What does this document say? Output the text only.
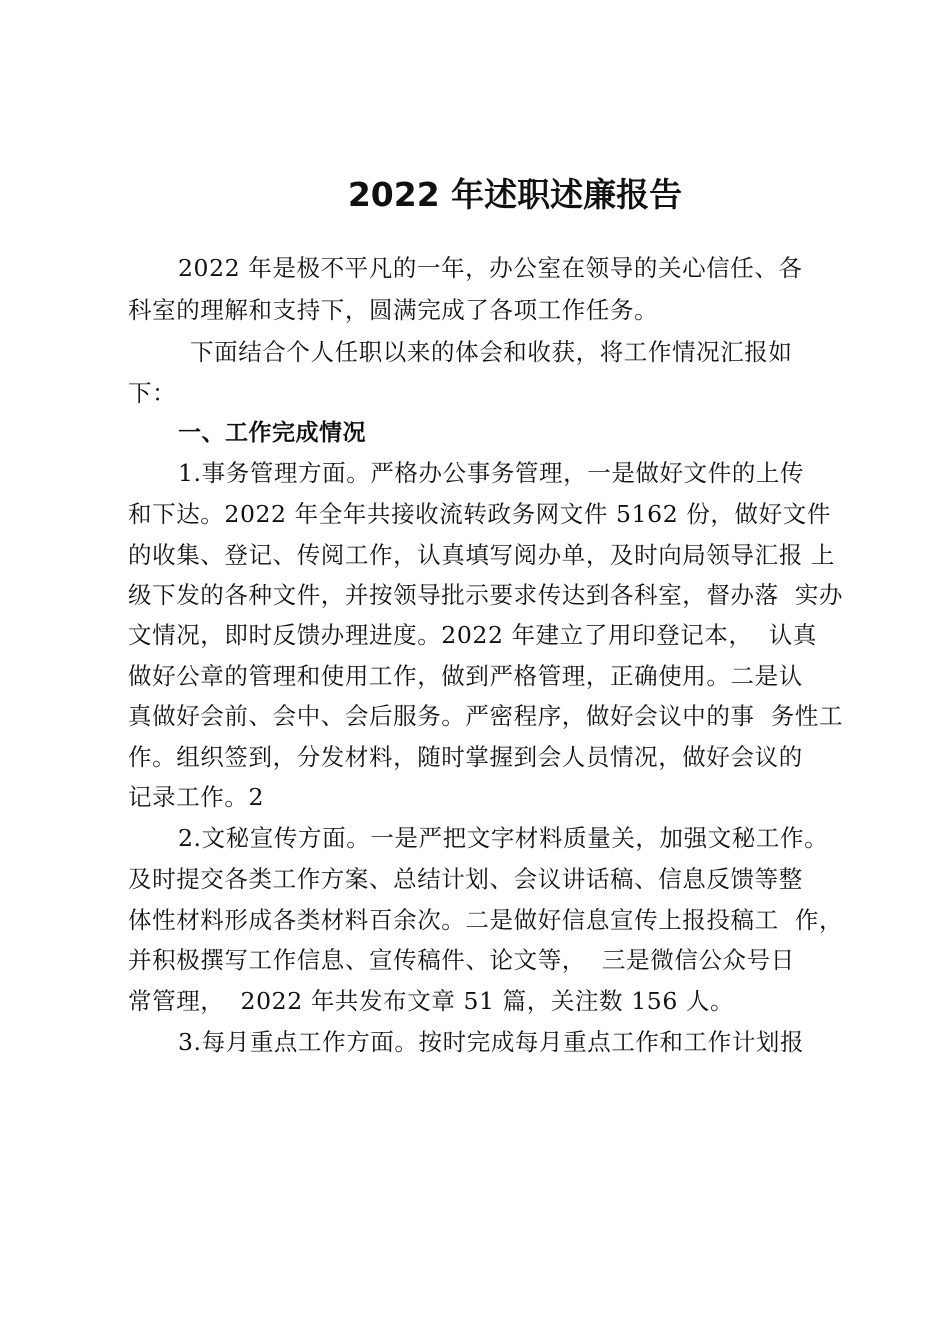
2022 年述职述廉报告
2022 年是极不平凡的一年，办公室在领导的关心信任、各
科室的理解和支持下，圆满完成了各项工作任务。
下面结合个人任职以来的体会和收获，将工作情况汇报如
下：
一、工作完成情况
1.事务管理方面。严格办公事务管理，一是做好文件的上传
和下达。2022 年全年共接收流转政务网文件 5162 份，做好文件
的收集、登记、传阅工作，认真填写阅办单，及时向局领导汇报 上
级下发的各种文件，并按领导批示要求传达到各科室，督办落  实办
文情况，即时反馈办理进度。2022 年建立了用印登记本，  认真
做好公章的管理和使用工作，做到严格管理，正确使用。二是认
真做好会前、会中、会后服务。严密程序，做好会议中的事  务性工
作。组织签到，分发材料，随时掌握到会人员情况，做好会议的
记录工作。2
2.文秘宣传方面。一是严把文字材料质量关，加强文秘工作。
及时提交各类工作方案、总结计划、会议讲话稿、信息反馈等整
体性材料形成各类材料百余次。二是做好信息宣传上报投稿工  作，
并积极撰写工作信息、宣传稿件、论文等，  三是微信公众号日
常管理，  2022 年共发布文章 51 篇，关注数 156 人。
3.每月重点工作方面。按时完成每月重点工作和工作计划报
